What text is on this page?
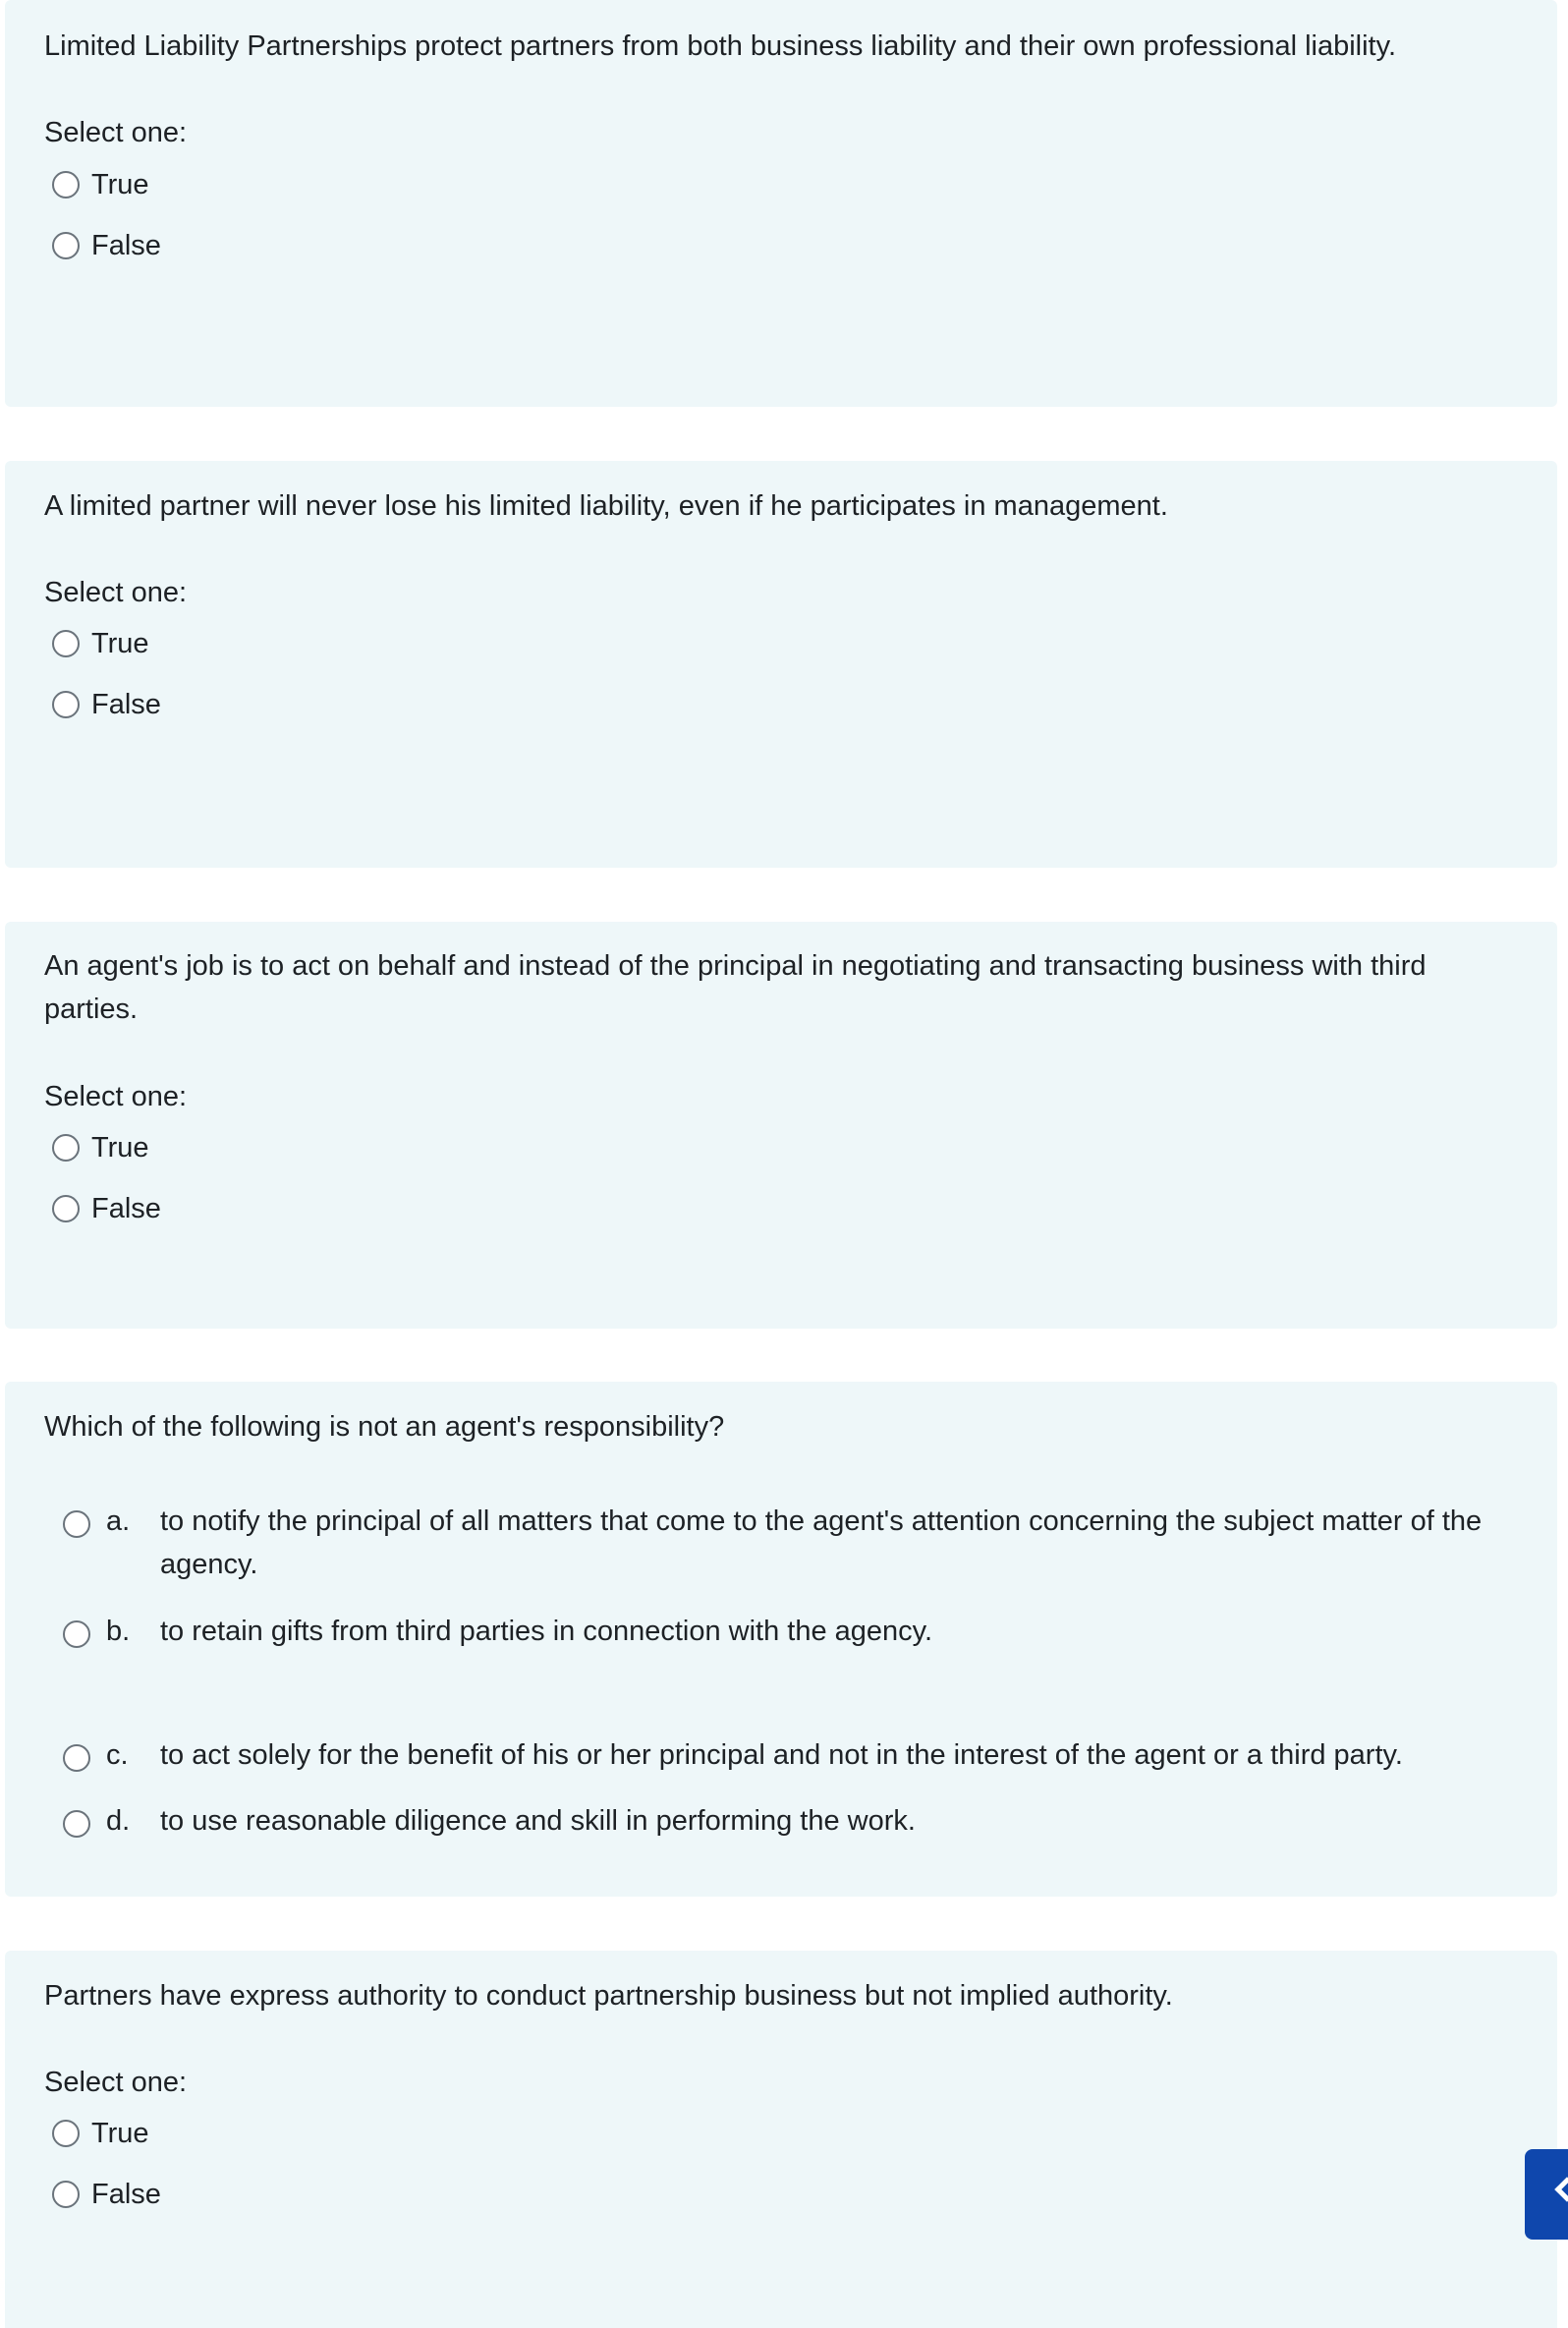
Limited Liability Partnerships protect partners from both business liability and their own professional liability.
Select one:
True
False
A limited partner will never lose his limited liability, even if he participates in management.
Select one:
True
False
An agent's job is to act on behalf and instead of the principal in negotiating and transacting business with third parties.
Select one:
True
False
Which of the following is not an agent's responsibility?
a. to notify the principal of all matters that come to the agent's attention concerning the subject matter of the agency.
b. to retain gifts from third parties in connection with the agency.
c. to act solely for the benefit of his or her principal and not in the interest of the agent or a third party.
d. to use reasonable diligence and skill in performing the work.
Partners have express authority to conduct partnership business but not implied authority.
Select one:
True
False
